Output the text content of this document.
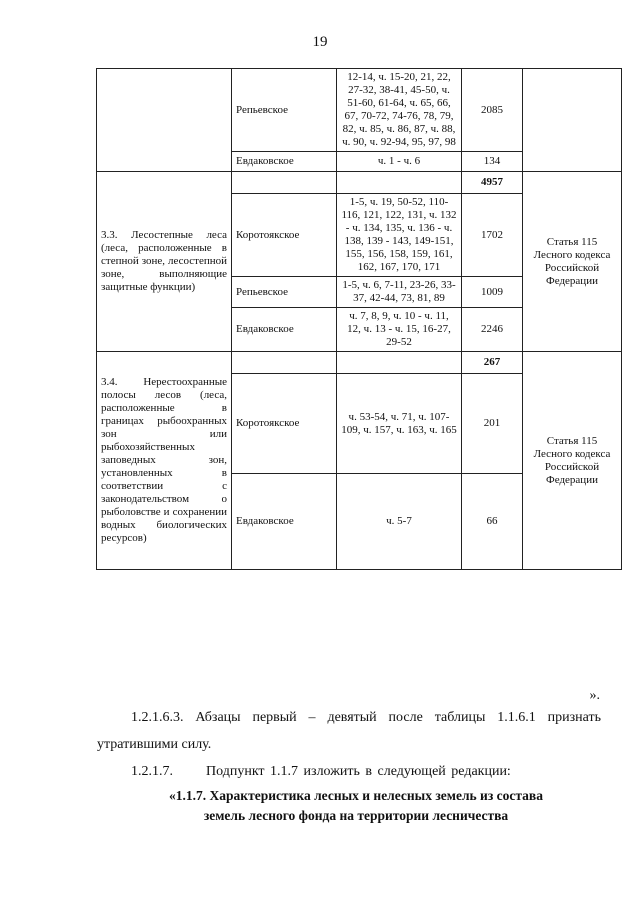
19
	Репьевское	12-14, ч. 15-20, 21, 22, 27-32, 38-41, 45-50, ч. 51-60, 61-64, ч. 65, 66, 67, 70-72, 74-76, 78, 79, 82, ч. 85, ч. 86, 87, ч. 88, ч. 90, ч. 92-94, 95, 97, 98	2085	
	Евдаковское	ч. 1 - ч. 6	134	
3.3. Лесостепные леса (леса, расположенные в степной зоне, лесостепной зоне, выполняющие защитные функции)			4957	Статья 115 Лесного кодекса Российской Федерации
	Коротоякское	1-5, ч. 19, 50-52, 110-116, 121, 122, 131, ч. 132 - ч. 134, 135, ч. 136 - ч. 138, 139 - 143, 149-151, 155, 156, 158, 159, 161, 162, 167, 170, 171	1702	
	Репьевское	1-5, ч. 6, 7-11, 23-26, 33-37, 42-44, 73, 81, 89	1009	
	Евдаковское	ч. 7, 8, 9, ч. 10 - ч. 11, 12, ч. 13 - ч. 15, 16-27, 29-52	2246	
3.4. Нерестоохранные полосы лесов (леса, расположенные в границах рыбоохранных зон или рыбохозяйственных заповедных зон, установленных в соответствии с законодательством о рыболовстве и сохранении водных биологических ресурсов)			267	Статья 115 Лесного кодекса Российской Федерации
	Коротоякское	ч. 53-54, ч. 71, ч. 107-109, ч. 157, ч. 163, ч. 165	201	
	Евдаковское	ч. 5-7	66	
».
1.2.1.6.3. Абзацы первый – девятый после таблицы 1.1.6.1 признать
утратившими силу.
1.2.1.7.      Подпункт 1.1.7 изложить в следующей редакции:
«1.1.7. Характеристика лесных и нелесных земель из состава
земель лесного фонда на территории лесничества
